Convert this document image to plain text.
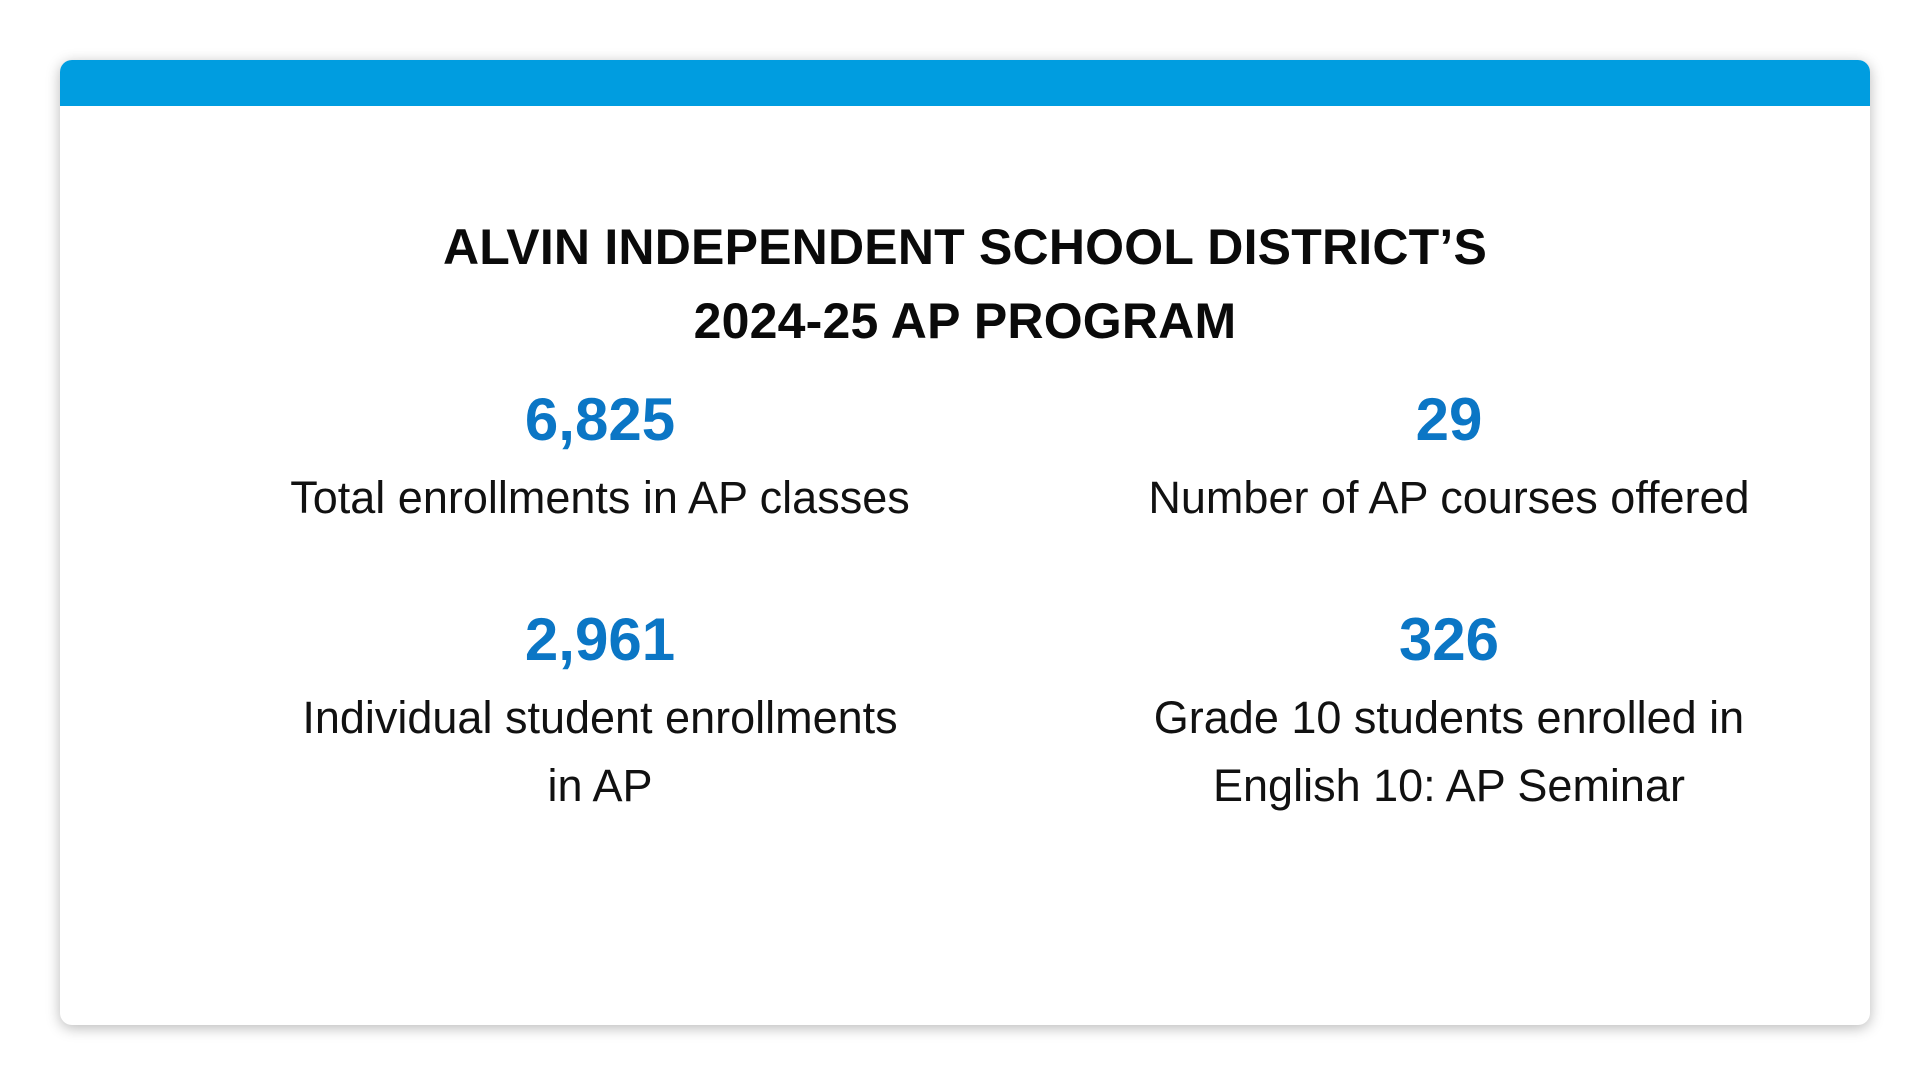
ALVIN INDEPENDENT SCHOOL DISTRICT’S
2024-25 AP PROGRAM
6,825
Total enrollments in AP classes
29
Number of AP courses offered
2,961
Individual student enrollments
in AP
326
Grade 10 students enrolled in
English 10: AP Seminar
